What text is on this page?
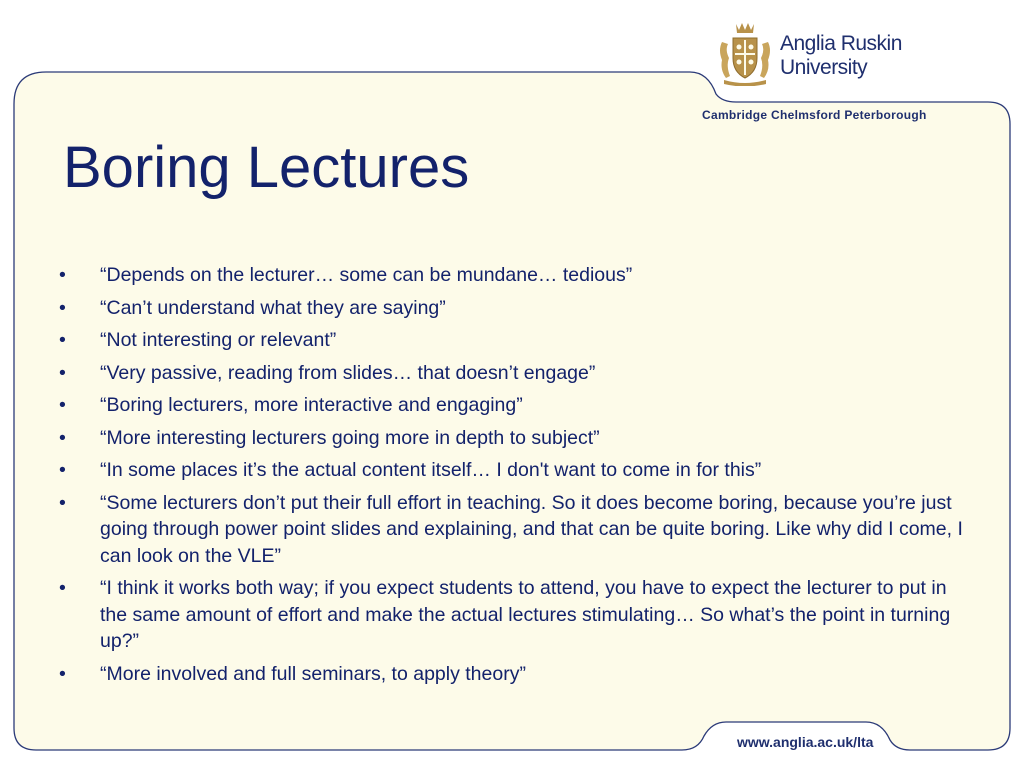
Anglia Ruskin
University
Cambridge Chelmsford Peterborough
Boring Lectures
• “Depends on the lecturer… some can be mundane… tedious”
• “Can’t understand what they are saying”
• “Not interesting or relevant”
• “Very passive, reading from slides… that doesn’t engage”
• “Boring lecturers, more interactive and engaging”
• “More interesting lecturers going more in depth to subject”
• “In some places it’s the actual content itself… I don't want to come in for this”
• “Some lecturers don’t put their full effort in teaching. So it does become boring, because you’re just going through power point slides and explaining, and that can be quite boring. Like why did I come, I can look on the VLE”
• “I think it works both way; if you expect students to attend, you have to expect the lecturer to put in the same amount of effort and make the actual lectures stimulating… So what’s the point in turning up?”
• “More involved and full seminars, to apply theory”
www.anglia.ac.uk/lta
